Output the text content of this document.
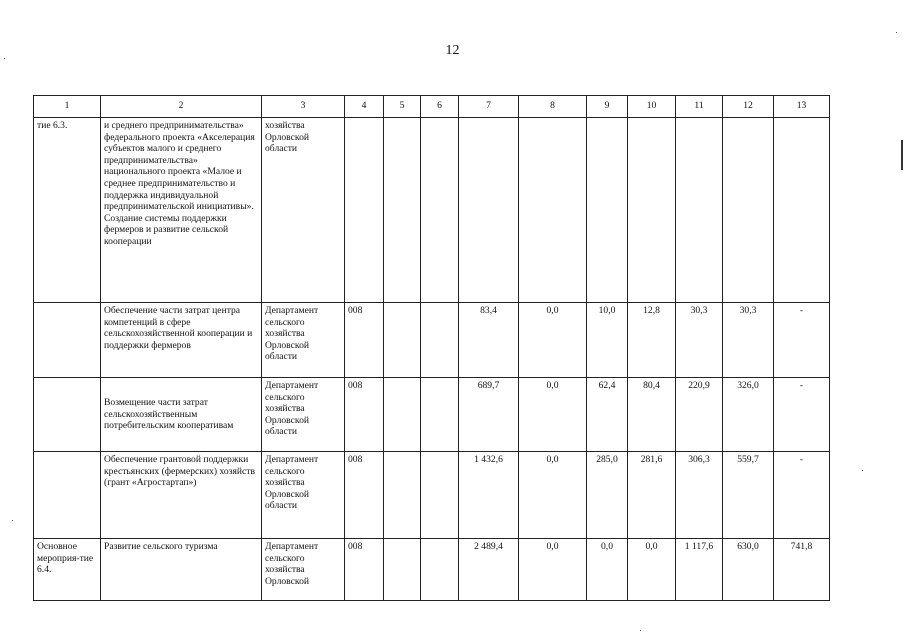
12
1	2	3	4	5	6	7	8	9	10	11	12	13
тие 6.3.	и среднего предпринимательства» федерального проекта «Акселерация субъектов малого и среднего предпринимательства» национального проекта «Малое и среднее предпринимательство и поддержка индивидуальной предпринимательской инициативы». Создание системы поддержки фермеров и развитие сельской кооперации	хозяйства Орловской области										
	Обеспечение части затрат центра компетенций в сфере сельскохозяйственной кооперации и поддержки фермеров	Департамент сельского хозяйства Орловской области	008			83,4	0,0	10,0	12,8	30,3	30,3	-
	Возмещение части затрат сельскохозяйственным потребительским кооперативам	Департамент сельского хозяйства Орловской области	008			689,7	0,0	62,4	80,4	220,9	326,0	-
	Обеспечение грантовой поддержки крестьянских (фермерских) хозяйств (грант «Агростартап»)	Департамент сельского хозяйства Орловской области	008			1 432,6	0,0	285,0	281,6	306,3	559,7	-
Основное мероприя-тие 6.4.	Развитие сельского туризма	Департамент сельского хозяйства Орловской	008			2 489,4	0,0	0,0	0,0	1 117,6	630,0	741,8
